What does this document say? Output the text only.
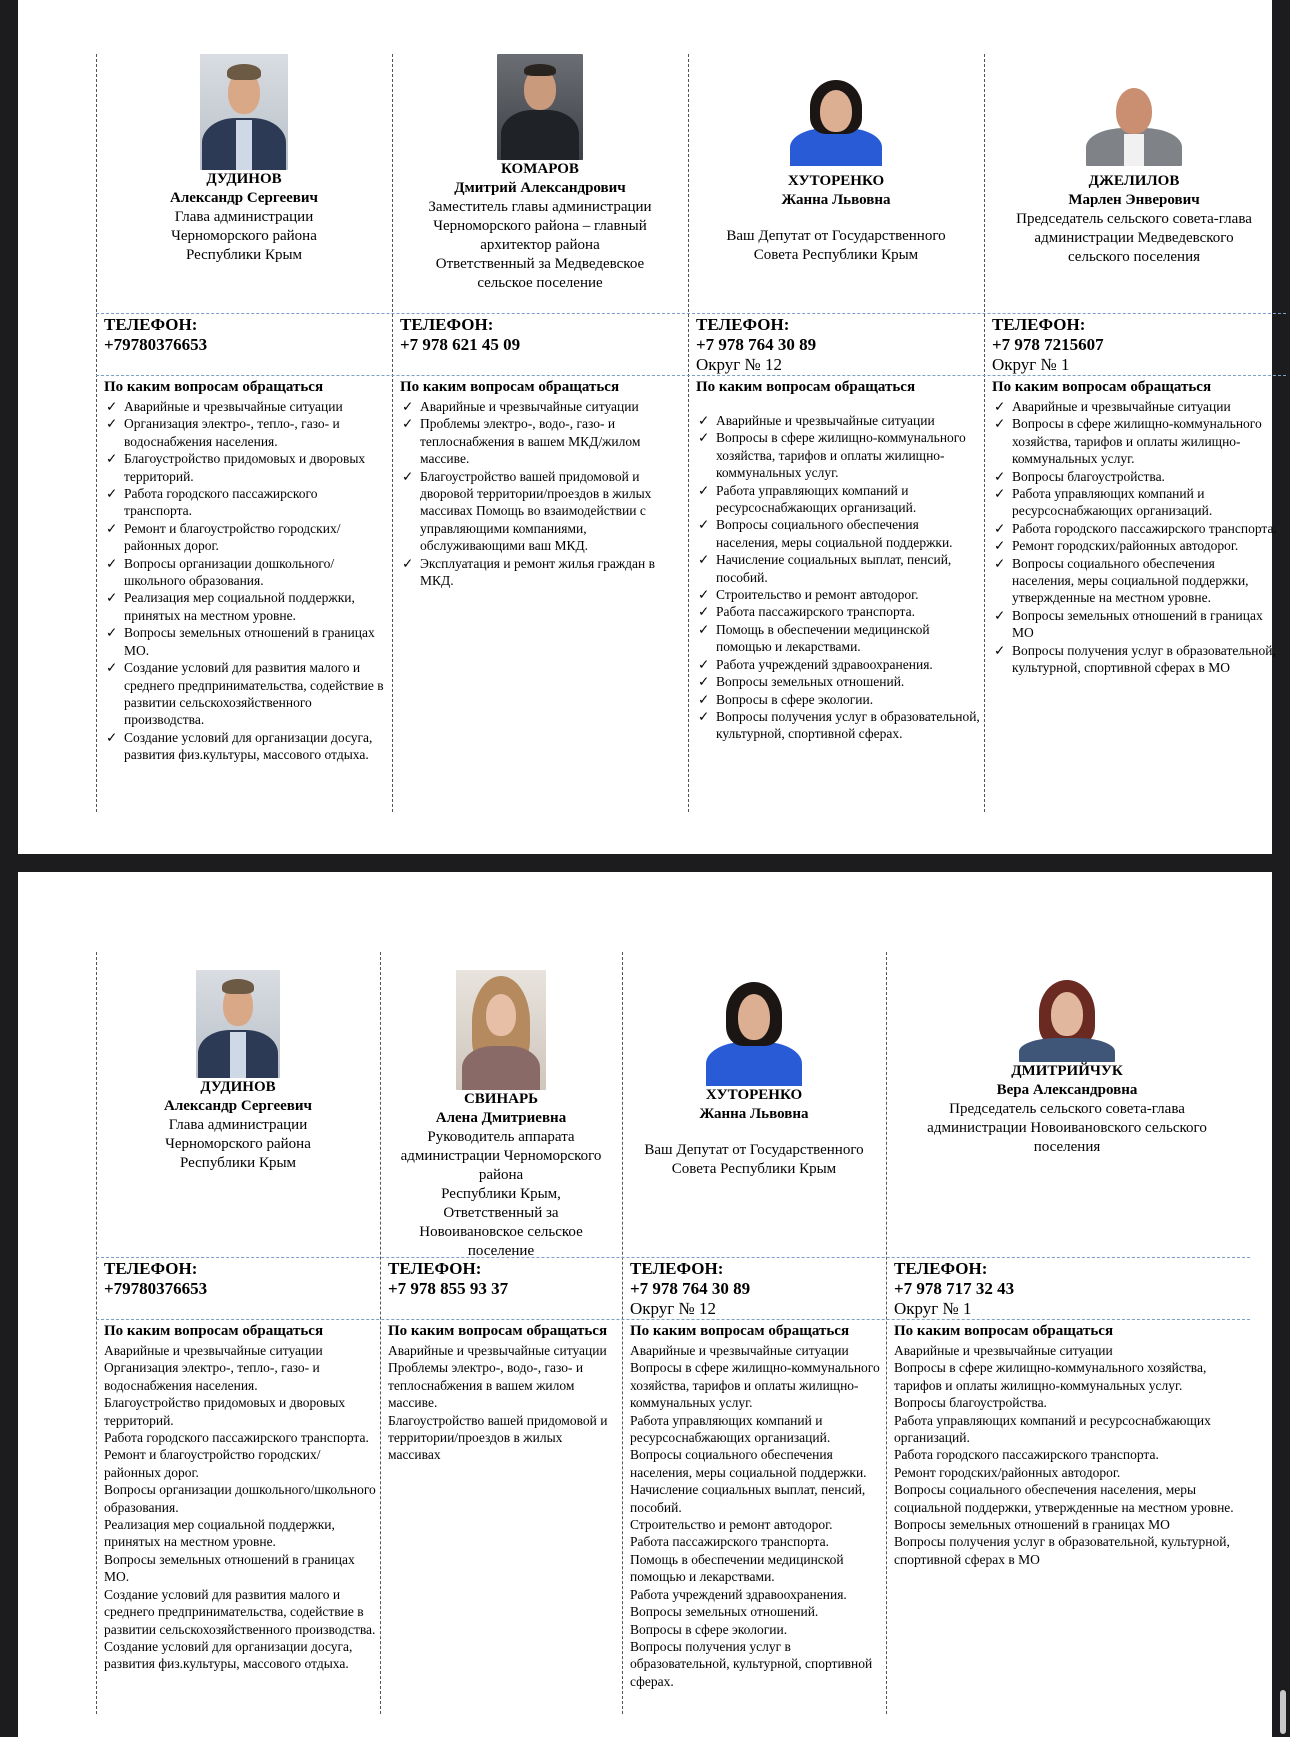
ДУДИНОВ
Александр Сергеевич
Глава администрации
Черноморского района
Республики Крым
ТЕЛЕФОН:
+79780376653
По каким вопросам обращаться
✓ Аварийные и чрезвычайные ситуации
✓ Организация электро-, тепло-, газо- и водоснабжения населения.
✓ Благоустройство придомовых и дворовых территорий.
✓ Работа городского пассажирского транспорта.
✓ Ремонт и благоустройство городских/районных дорог.
✓ Вопросы организации дошкольного/школьного образования.
✓ Реализация мер социальной поддержки, принятых на местном уровне.
✓ Вопросы земельных отношений в границах МО.
✓ Создание условий для развития малого и среднего предпринимательства, содействие в развитии сельскохозяйственного производства.
✓ Создание условий для организации досуга, развития физ.культуры, массового отдыха.
КОМАРОВ
Дмитрий Александрович
Заместитель главы администрации
Черноморского района – главный
архитектор района
Ответственный за Медведевское
сельское поселение
ТЕЛЕФОН:
+7 978 621 45 09
По каким вопросам обращаться
✓ Аварийные и чрезвычайные ситуации
✓ Проблемы электро-, водо-, газо- и теплоснабжения в вашем МКД/жилом массиве.
✓ Благоустройство вашей придомовой и дворовой территории/проездов в жилых массивах Помощь во взаимодействии с управляющими компаниями, обслуживающими ваш МКД.
✓ Эксплуатация и ремонт жилья граждан в МКД.
ХУТОРЕНКО
Жанна Львовна
Ваш Депутат от Государственного
Совета Республики Крым
ТЕЛЕФОН:
+7 978 764 30 89
Округ № 12
По каким вопросам обращаться
✓ Аварийные и чрезвычайные ситуации
✓ Вопросы в сфере жилищно-коммунального хозяйства, тарифов и оплаты жилищно-коммунальных услуг.
✓ Работа управляющих компаний и ресурсоснабжающих организаций.
✓ Вопросы социального обеспечения населения, меры социальной поддержки.
✓ Начисление социальных выплат, пенсий, пособий.
✓ Строительство и ремонт автодорог.
✓ Работа пассажирского транспорта.
✓ Помощь в обеспечении медицинской помощью и лекарствами.
✓ Работа учреждений здравоохранения.
✓ Вопросы земельных отношений.
✓ Вопросы в сфере экологии.
✓ Вопросы получения услуг в образовательной, культурной, спортивной сферах.
ДЖЕЛИЛОВ
Марлен Энверович
Председатель сельского совета-глава
администрации Медведевского
сельского поселения
ТЕЛЕФОН:
+7 978 7215607
Округ № 1
По каким вопросам обращаться
✓ Аварийные и чрезвычайные ситуации
✓ Вопросы в сфере жилищно-коммунального хозяйства, тарифов и оплаты жилищно-коммунальных услуг.
✓ Вопросы благоустройства.
✓ Работа управляющих компаний и ресурсоснабжающих организаций.
✓ Работа городского пассажирского транспорта.
✓ Ремонт городских/районных автодорог.
✓ Вопросы социального обеспечения населения, меры социальной поддержки, утвержденные на местном уровне.
✓ Вопросы земельных отношений в границах МО
✓ Вопросы получения услуг в образовательной, культурной, спортивной сферах в МО
ДУДИНОВ
Александр Сергеевич
Глава администрации
Черноморского района
Республики Крым
ТЕЛЕФОН:
+79780376653
По каким вопросам обращаться
Аварийные и чрезвычайные ситуации
Организация электро-, тепло-, газо- и водоснабжения населения.
Благоустройство придомовых и дворовых территорий.
Работа городского пассажирского транспорта.
Ремонт и благоустройство городских/районных дорог.
Вопросы организации дошкольного/школьного образования.
Реализация мер социальной поддержки, принятых на местном уровне.
Вопросы земельных отношений в границах МО.
Создание условий для развития малого и среднего предпринимательства, содействие в развитии сельскохозяйственного производства.
Создание условий для организации досуга, развития физ.культуры, массового отдыха.
СВИНАРЬ
Алена Дмитриевна
Руководитель аппарата
администрации Черноморского
района
Республики Крым,
Ответственный за
Новоивановское сельское
поселение
ТЕЛЕФОН:
+7 978 855 93 37
По каким вопросам обращаться
Аварийные и чрезвычайные ситуации
Проблемы электро-, водо-, газо- и теплоснабжения в вашем жилом массиве.
Благоустройство вашей придомовой и территории/проездов в жилых массивах
ХУТОРЕНКО
Жанна Львовна
Ваш Депутат от Государственного
Совета Республики Крым
ТЕЛЕФОН:
+7 978 764 30 89
Округ № 12
По каким вопросам обращаться
Аварийные и чрезвычайные ситуации
Вопросы в сфере жилищно-коммунального хозяйства, тарифов и оплаты жилищно-коммунальных услуг.
Работа управляющих компаний и ресурсоснабжающих организаций.
Вопросы социального обеспечения населения, меры социальной поддержки.
Начисление социальных выплат, пенсий, пособий.
Строительство и ремонт автодорог.
Работа пассажирского транспорта.
Помощь в обеспечении медицинской помощью и лекарствами.
Работа учреждений здравоохранения.
Вопросы земельных отношений.
Вопросы в сфере экологии.
Вопросы получения услуг в образовательной, культурной, спортивной сферах.
ДМИТРИЙЧУК
Вера Александровна
Председатель сельского совета-глава
администрации Новоивановского сельского
поселения
ТЕЛЕФОН:
+7 978 717 32 43
Округ № 1
По каким вопросам обращаться
Аварийные и чрезвычайные ситуации
Вопросы в сфере жилищно-коммунального хозяйства, тарифов и оплаты жилищно-коммунальных услуг.
Вопросы благоустройства.
Работа управляющих компаний и ресурсоснабжающих организаций.
Работа городского пассажирского транспорта.
Ремонт городских/районных автодорог.
Вопросы социального обеспечения населения, меры социальной поддержки, утвержденные на местном уровне.
Вопросы земельных отношений в границах МО
Вопросы получения услуг в образовательной, культурной, спортивной сферах в МО
